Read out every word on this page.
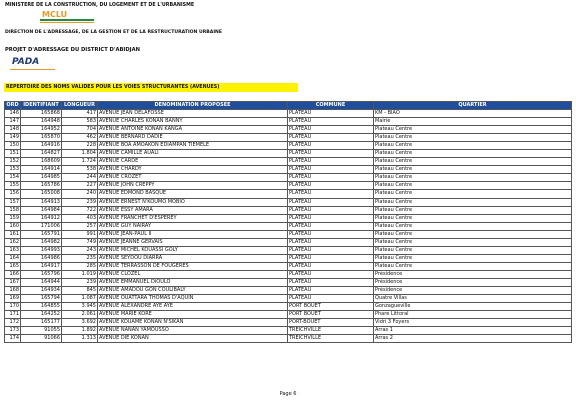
MINISTERE DE LA CONSTRUCTION, DU LOGEMENT ET DE L'URBANISME
MCLU
DIRECTION DE L'ADRESSAGE, DE LA GESTION ET DE LA RESTRUCTURATION URBAINE
PROJET D'ADRESSAGE DU DISTRICT D'ABIDJAN
PADA
REPERTOIRE DES NOMS VALIDES POUR LES VOIES STRUCTURANTES (AVENUES)
ORD	IDENTIFIANT	LONGUEUR	DENOMINATION PROPOSEE	COMMUNE	QUARTIER
146	165868	417	AVENUE JEAN DELAFOSSE	PLATEAU	KM - BIAO
147	164948	583	AVENUE CHARLES KONAN BANNY	PLATEAU	Mairie
148	164952	704	AVENUE ANTOINE KONAN KANGA	PLATEAU	Plateau Centre
149	165870	462	AVENUE BERNARD DADIE	PLATEAU	Plateau Centre
150	164916	228	AVENUE BOA AMOAKON EDIAMPAN TIEMELE	PLATEAU	Plateau Centre
151	164827	1.804	AVENUE CAMILLE AUALI	PLATEAU	Plateau Centre
152	168609	1.724	AVENUE CARDE	PLATEAU	Plateau Centre
153	164914	538	AVENUE CHARDY	PLATEAU	Plateau Centre
154	164985	244	AVENUE CROZET	PLATEAU	Plateau Centre
155	165786	227	AVENUE JOHN CREPPY	PLATEAU	Plateau Centre
156	165008	240	AVENUE EDMOND BASQUE	PLATEAU	Plateau Centre
157	164913	239	AVENUE ERNEST N'KOUMO MOBIO	PLATEAU	Plateau Centre
158	164984	722	AVENUE ESSY AMARA	PLATEAU	Plateau Centre
159	164912	403	AVENUE FRANCHET D'ESPEREY	PLATEAU	Plateau Centre
160	171006	257	AVENUE GUY NAIRAY	PLATEAU	Plateau Centre
161	165791	991	AVENUE JEAN-PAUL II	PLATEAU	Plateau Centre
162	164982	749	AVENUE JEANNE GERVAIS	PLATEAU	Plateau Centre
163	164993	243	AVENUE MICHEL KOUASSI GOLY	PLATEAU	Plateau Centre
164	164986	235	AVENUE SEYDOU DIARRA	PLATEAU	Plateau Centre
165	164917	285	AVENUE TERRASSON DE FOUGÈRES	PLATEAU	Plateau Centre
166	165796	1.019	AVENUE CLOZEL	PLATEAU	Présidence
167	164944	239	AVENUE EMMANUEL DIOULO	PLATEAU	Présidence
168	164934	845	AVENUE AMADOU GON COULIBALY	PLATEAU	Présidence
169	165794	1.087	AVENUE OUATTARA THOMAS D'AQUIN	PLATEAU	Quatre Villas
170	164855	3.945	AVENUE ALEXANDRE AYE AYE	PORT BOUET	Gonzagueville
171	164252	2.061	AVENUE MARIE KORÉ	PORT BOUET	Phare Littoral
172	165177	3.692	AVENUE KOUAME KONAN N'SIKAN	PORT-BOUET	Vidri 3 Foyers
173	91055	1.892	AVENUE NANAN YAMOUSSO	TREICHVILLE	Arras 1
174	91066	1.313	AVENUE DIE KONAN	TREICHVILLE	Arras 2
Page 6
